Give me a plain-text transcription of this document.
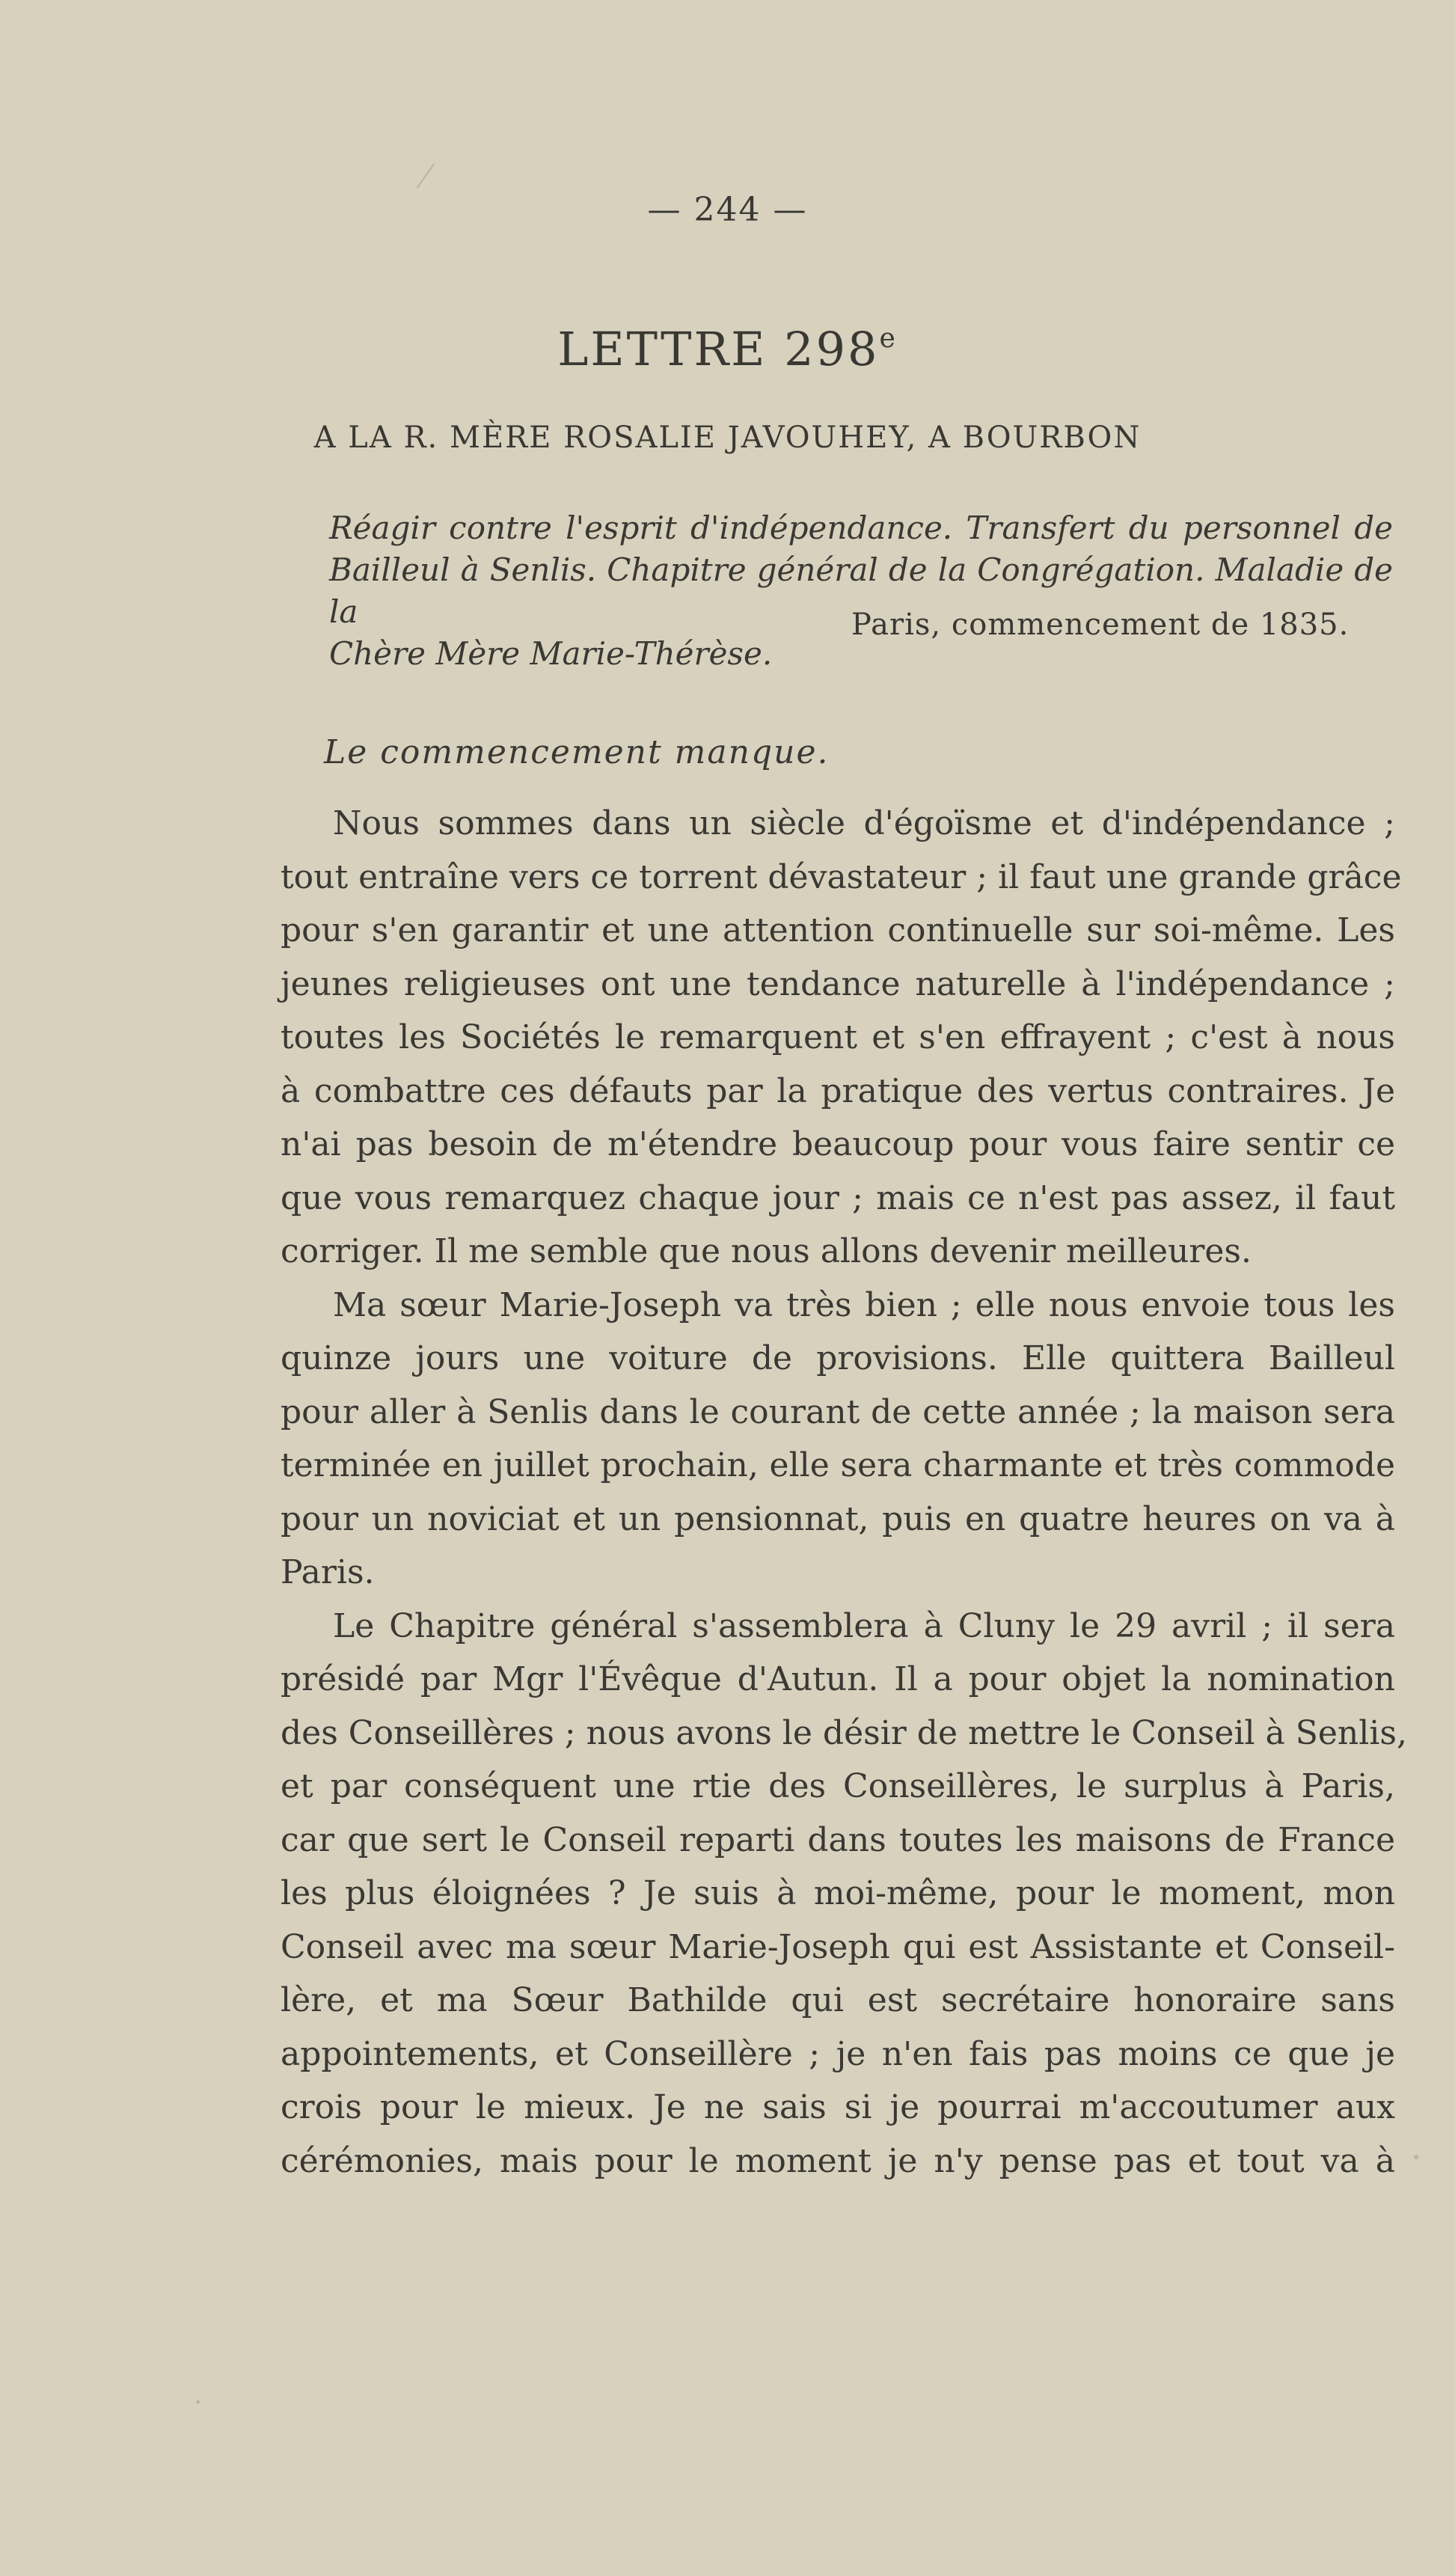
— 244 —
LETTRE 298e
A LA R. MÈRE ROSALIE JAVOUHEY, A BOURBON
Réagir contre l'esprit d'indépendance. Transfert du personnel de
Bailleul à Senlis. Chapitre général de la Congrégation. Maladie de la
Chère Mère Marie-Thérèse.
Paris, commencement de 1835.
Le commencement manque.
Nous sommes dans un siècle d'égoïsme et d'indépendance ;
tout entraîne vers ce torrent dévastateur ; il faut une grande grâce
pour s'en garantir et une attention continuelle sur soi-même. Les
jeunes religieuses ont une tendance naturelle à l'indépendance ;
toutes les Sociétés le remarquent et s'en effrayent ; c'est à nous
à combattre ces défauts par la pratique des vertus contraires. Je
n'ai pas besoin de m'étendre beaucoup pour vous faire sentir ce
que vous remarquez chaque jour ; mais ce n'est pas assez, il faut
corriger. Il me semble que nous allons devenir meilleures.
Ma sœur Marie-Joseph va très bien ; elle nous envoie tous les
quinze jours une voiture de provisions. Elle quittera Bailleul
pour aller à Senlis dans le courant de cette année ; la maison sera
terminée en juillet prochain, elle sera charmante et très commode
pour un noviciat et un pensionnat, puis en quatre heures on va à
Paris.
Le Chapitre général s'assemblera à Cluny le 29 avril ; il sera
présidé par Mgr l'Évêque d'Autun. Il a pour objet la nomination
des Conseillères ; nous avons le désir de mettre le Conseil à Senlis,
et par conséquent une rtie des Conseillères, le surplus à Paris,
car que sert le Conseil reparti dans toutes les maisons de France
les plus éloignées ? Je suis à moi-même, pour le moment, mon
Conseil avec ma sœur Marie-Joseph qui est Assistante et Conseil-
lère, et ma Sœur Bathilde qui est secrétaire honoraire sans
appointements, et Conseillère ; je n'en fais pas moins ce que je
crois pour le mieux. Je ne sais si je pourrai m'accoutumer aux
cérémonies, mais pour le moment je n'y pense pas et tout va à
